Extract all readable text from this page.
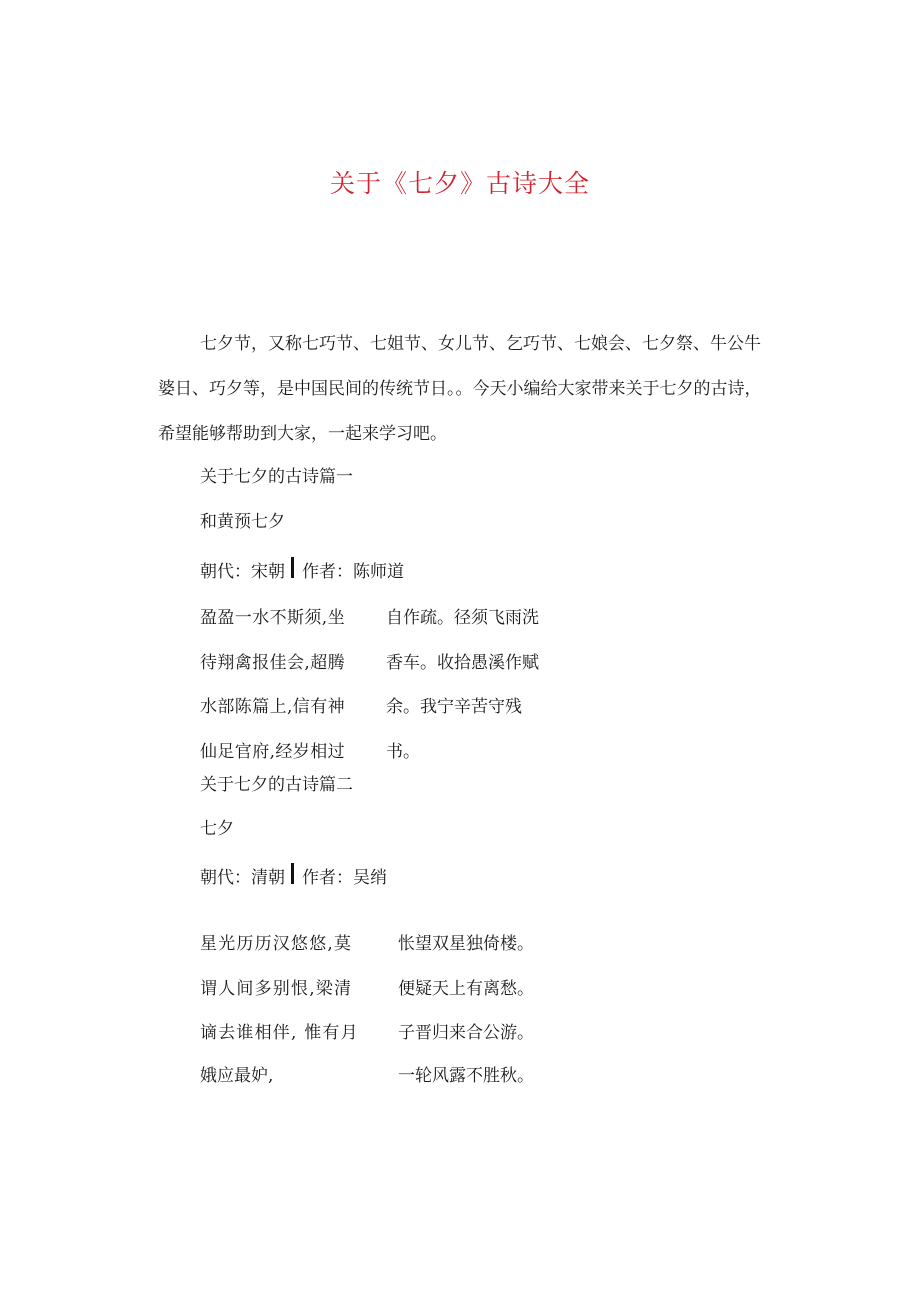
关于《七夕》古诗大全

七夕节，又称七巧节、七姐节、女儿节、乞巧节、七娘会、七夕祭、牛公牛婆日、巧夕等，是中国民间的传统节日。。今天小编给大家带来关于七夕的古诗，希望能够帮助到大家，一起来学习吧。

关于七夕的古诗篇一

和黄预七夕

朝代：宋朝 作者：陈师道

盈盈一水不斯须,坐

待翔禽报佳会,超腾

水部陈篇上,信有神

仙足官府,经岁相过

自作疏。径须飞雨洗

香车。收拾愚溪作赋

余。我宁辛苦守残

书。

关于七夕的古诗篇二

七夕

朝代：清朝 作者：吴绡

星光历历汉悠悠,莫

谓人间多别恨,梁清

谪去谁相伴, 惟有月

娥应最妒,

怅望双星独倚楼。

便疑天上有离愁。

子晋归来合公游。

一轮风露不胜秋。
